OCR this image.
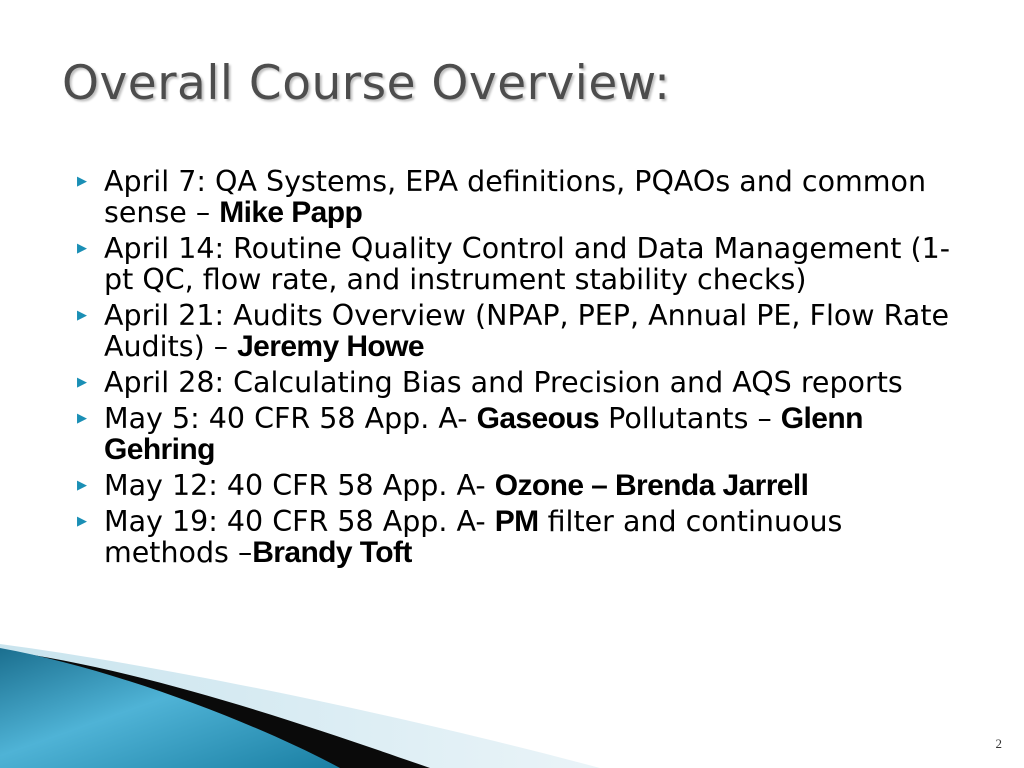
Overall Course Overview:
▶ April 7: QA Systems, EPA definitions, PQAOs and common sense – Mike Papp
▶ April 14: Routine Quality Control and Data Management (1-pt QC, flow rate, and instrument stability checks)
▶ April 21: Audits Overview (NPAP, PEP, Annual PE, Flow Rate Audits) – Jeremy Howe
▶ April 28: Calculating Bias and Precision and AQS reports
▶ May 5: 40 CFR 58 App. A- Gaseous Pollutants – Glenn Gehring
▶ May 12: 40 CFR 58 App. A- Ozone – Brenda Jarrell
▶ May 19: 40 CFR 58 App. A- PM filter and continuous methods –Brandy Toft
2
